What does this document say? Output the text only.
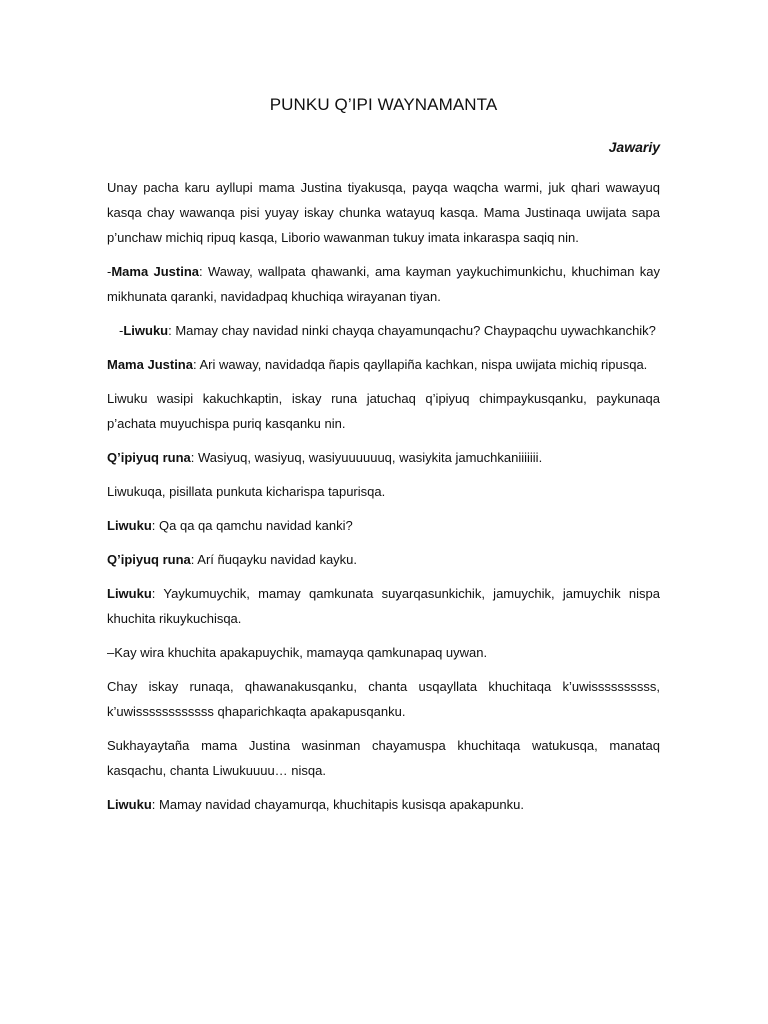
PUNKU Q’IPI WAYNAMANTA
Jawariy

Unay pacha karu ayllupi mama Justina tiyakusqa, payqa waqcha warmi, juk qhari wawayuq kasqa chay wawanqa pisi yuyay iskay chunka watayuq kasqa. Mama Justinaqa uwijata sapa p’unchaw michiq ripuq kasqa, Liborio wawanman tukuy imata inkaraspa saqiq nin.

-Mama Justina: Waway, wallpata qhawanki, ama kayman yaykuchimunkichu, khuchiman kay mikhunata qaranki, navidadpaq khuchiqa wirayanan tiyan.

-Liwuku: Mamay chay navidad ninki chayqa chayamunqachu? Chaypaqchu uywachkanchik?

Mama Justina: Ari waway, navidadqa ñapis qayllapiña kachkan, nispa uwijata michiq ripusqa.

Liwuku wasipi kakuchkaptin, iskay runa jatuchaq q’ipiyuq chimpaykusqanku, paykunaqa p’achata muyuchispa puriq kasqanku nin.

Q’ipiyuq runa: Wasiyuq, wasiyuq, wasiyuuuuuuq, wasiykita jamuchkaniiiiiii.

Liwukuqa, pisillata punkuta kicharispa tapurisqa.

Liwuku: Qa qa qa qamchu navidad kanki?

Q’ipiyuq runa: Arí ñuqayku navidad kayku.

Liwuku: Yaykumuychik, mamay qamkunata suyarqasunkichik, jamuychik, jamuychik nispa khuchita rikuykuchisqa.

–Kay wira khuchita apakapuychik, mamayqa qamkunapaq uywan.

Chay iskay runaqa, qhawanakusqanku, chanta usqayllata khuchitaqa k’uwissssssssss, k’uwissssssssssss qhaparichkaqta apakapusqanku.

Sukhayaytaña mama Justina wasinman chayamuspa khuchitaqa watukusqa, manataq kasqachu, chanta Liwukuuuu… nisqa.

Liwuku: Mamay navidad chayamurqa, khuchitapis kusisqa apakapunku.
